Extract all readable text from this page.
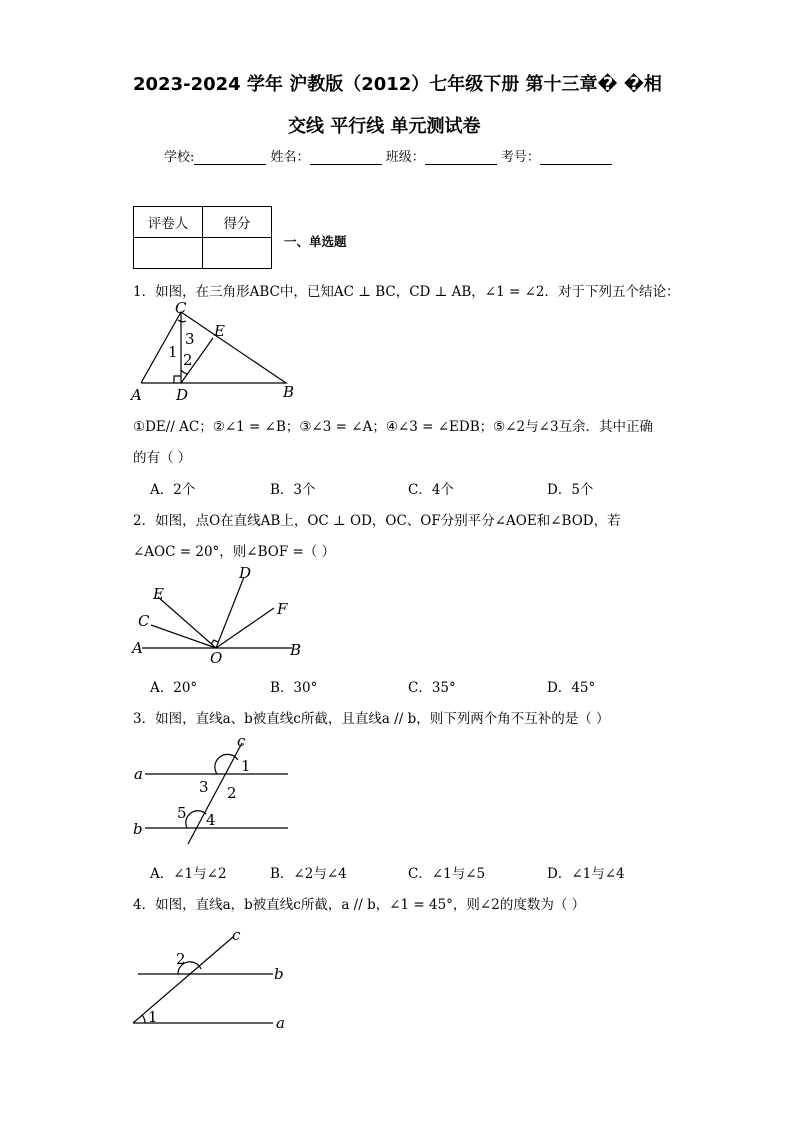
2023-2024 学年 沪教版（2012）七年级下册 第十三章� �相
交线 平行线 单元测试卷
学校:	姓名：	班级：	考号：
评卷人	得分

一、单选题
1．如图，在三角形ABC中，已知AC ⊥ BC，CD ⊥ AB，∠1 = ∠2．对于下列五个结论：
C
E
A D	B
1 2
3
①DE// AC；②∠1 = ∠B；③∠3 = ∠A；④∠3 = ∠EDB；⑤∠2与∠3互余．其中正确
的有（ ）
A．2个	B．3个	C．4个	D．5个
2．如图，点O在直线AB上，OC ⊥ OD，OC、OF分别平分∠AOE和∠BOD，若
∠AOC = 20°，则∠BOF =（ ）
A	B
C
D
E
F
O
A．20°	B．30°	C．35°	D．45°
3．如图，直线a、b被直线c所截，且直线a // b，则下列两个角不互补的是（ ）
a
b
c
1
2
3
4
5
A．∠1与∠2	B．∠2与∠4	C．∠1与∠5	D．∠1与∠4
4．如图，直线a，b被直线c所截，a // b，∠1 = 45°，则∠2的度数为（ ）
c
b
a
1
2
